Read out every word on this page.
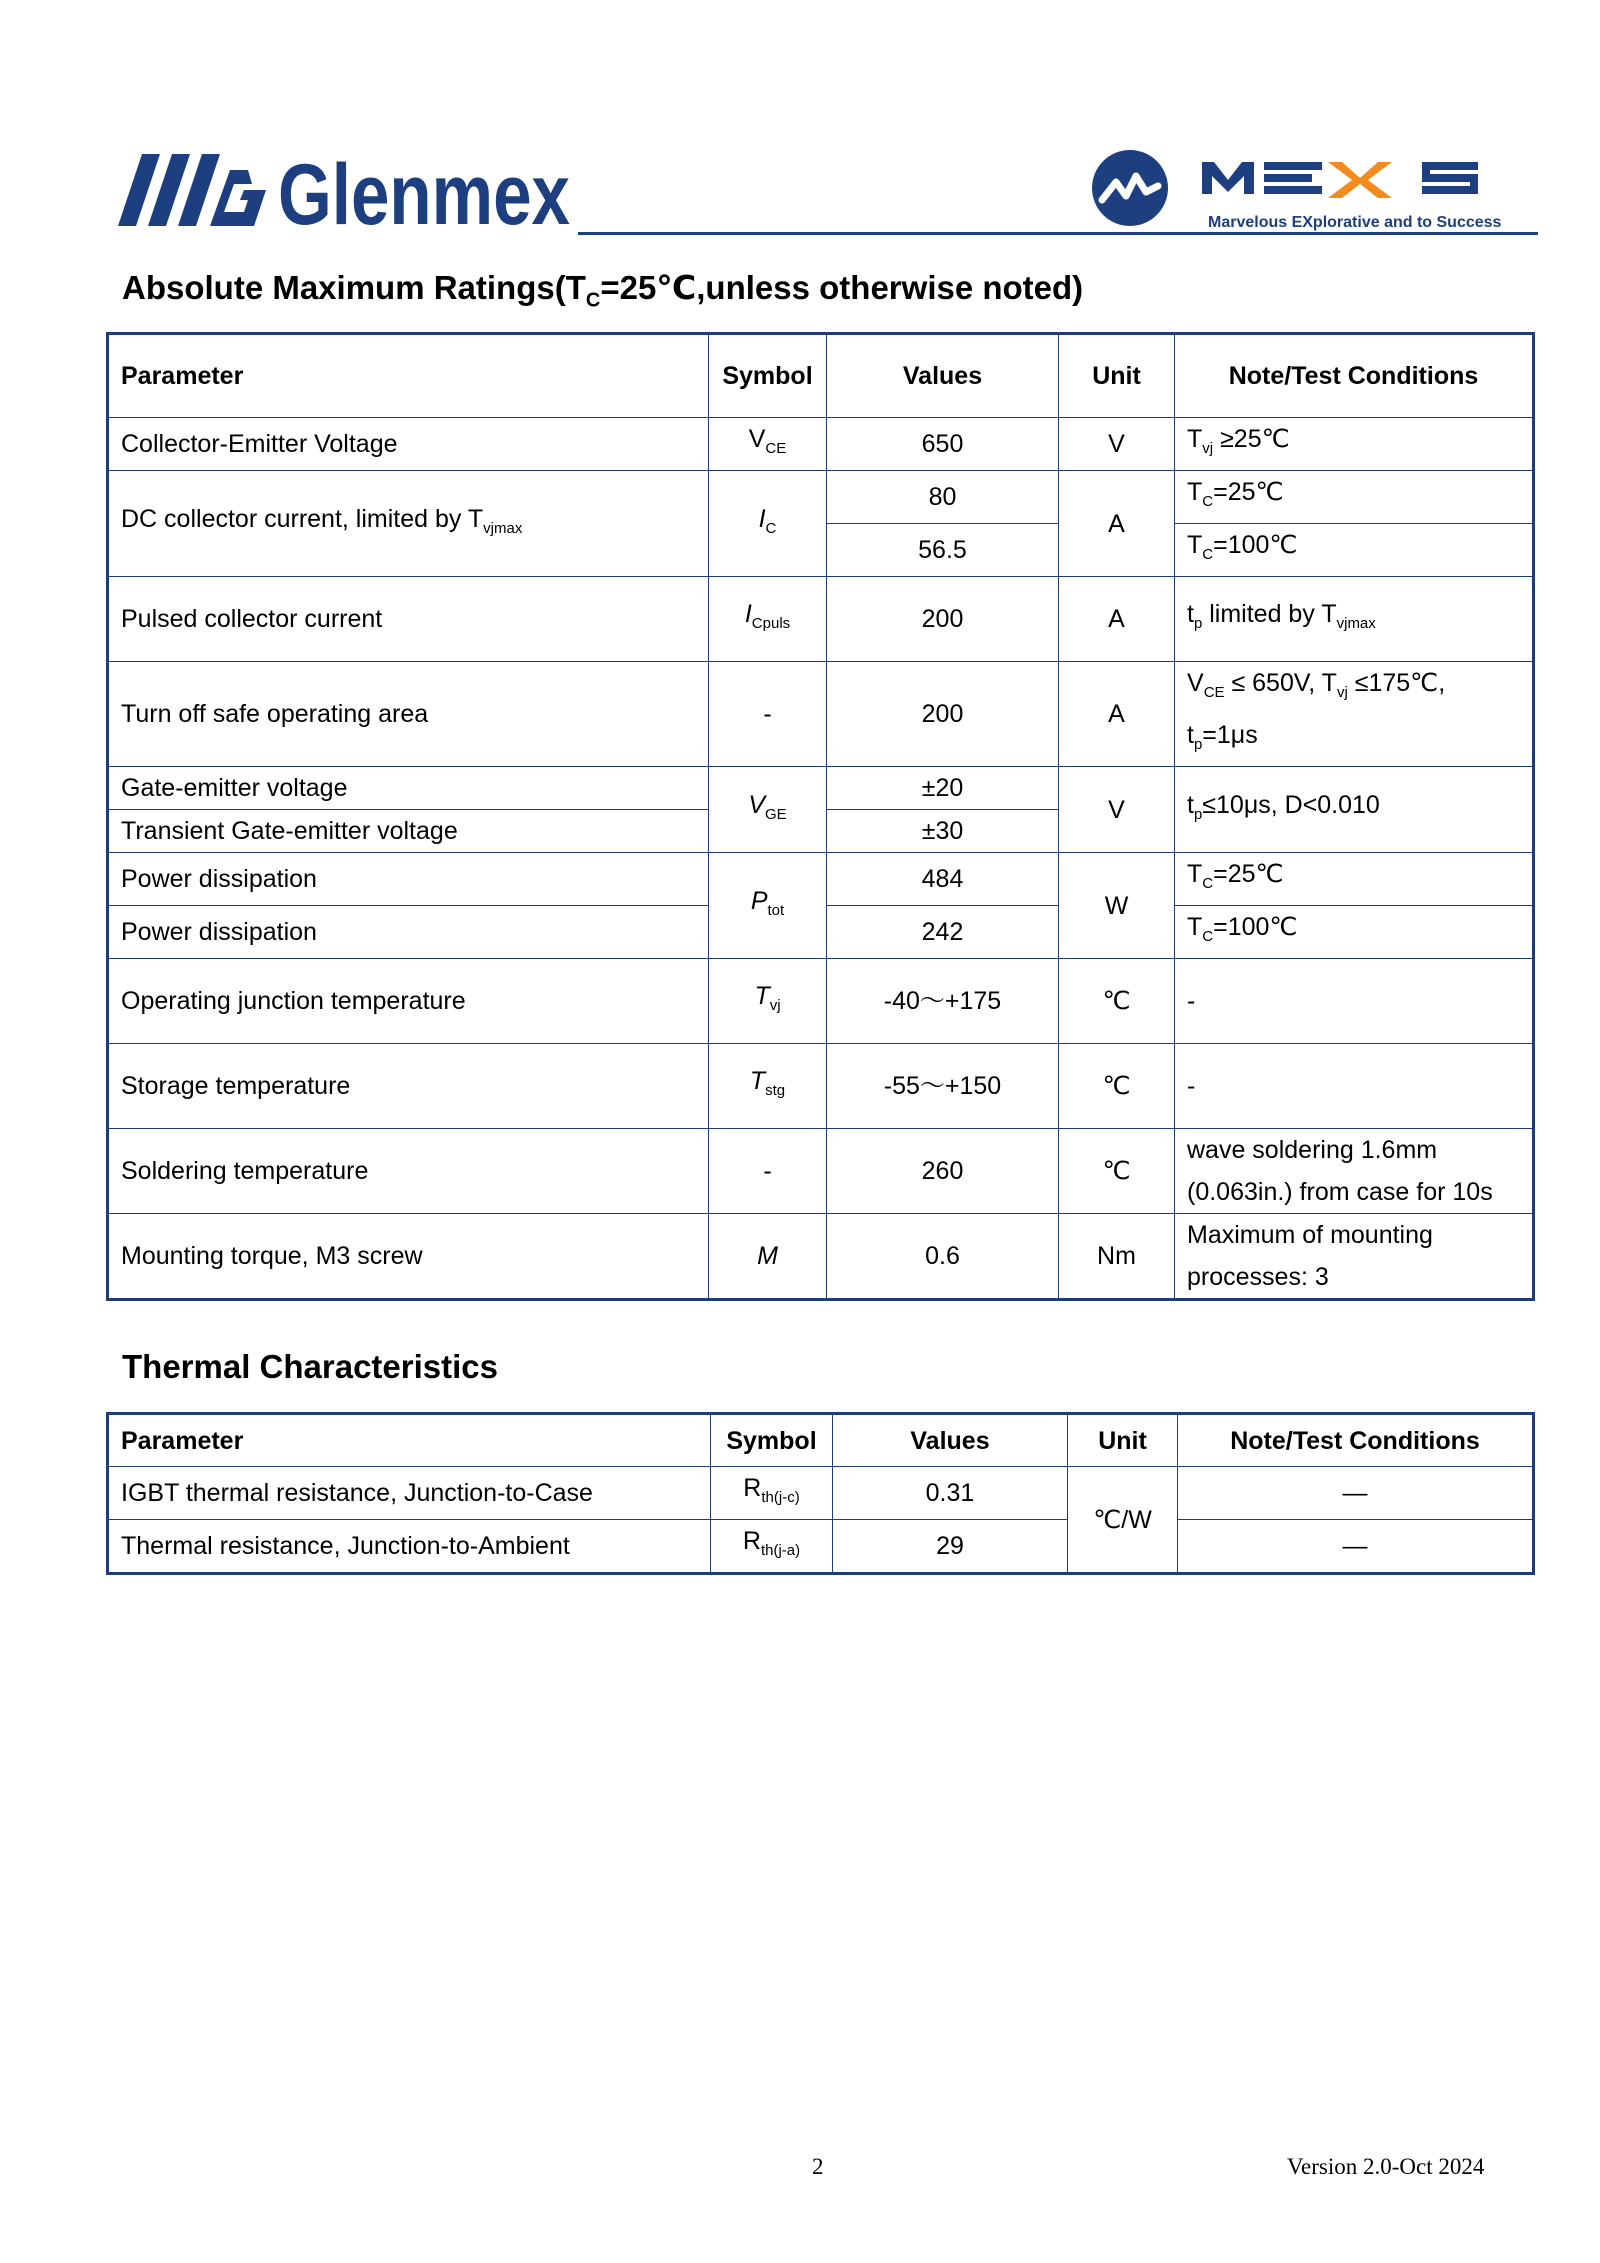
Glenmex
MEXS
Marvelous EXplorative and to Success
Absolute Maximum $Ratings(T_C=25℃,unless$ otherwise noted)
Parameter	Symbol	Values	Unit	Note/Test Conditions
Collector-Emitter Voltage	$V_{CE}$	650	V	$T_{vj}$ ≥25℃
DC collector current, limited by $T_{vjmax}$	$I_C$	80	A	$T_C=25℃$
		56.5		$T_C=100℃$
Pulsed collector current	$I_{Cpuls}$	200	A	$t_p$ limited by $T_{vjmax}$
Turn off safe operating area	-	200	A	$V_{CE} \le 650V$, $T_{vj}$ ≤175℃,
$t_p=1\mu s$
Gate-emitter voltage	$V_{GE}$	±20	V	$t_p\le 10\mu s$, D<0.010
Transient Gate-emitter voltage		±30		
Power dissipation	$P_{tot}$	484	W	$T_C=25℃$
Power dissipation		242		$T_C=100℃$
Operating junction temperature	$T_{vj}$	-40～+175	℃	-
Storage temperature	$T_{stg}$	-55～+150	℃	-
Soldering temperature	-	260	℃	wave soldering 1.6mm
(0.063in.) from case for 10s
Mounting torque, M3 screw	M	0.6	Nm	Maximum of mounting
processes: 3
Thermal Characteristics
Parameter	Symbol	Values	Unit	Note/Test Conditions
IGBT thermal resistance, Junction-to-Case	$R_{th(j-c)}$	0.31	℃/W	—
Thermal resistance, Junction-to-Ambient	$R_{th(j-a)}$	29		—
2	Version 2.0-Oct 2024
